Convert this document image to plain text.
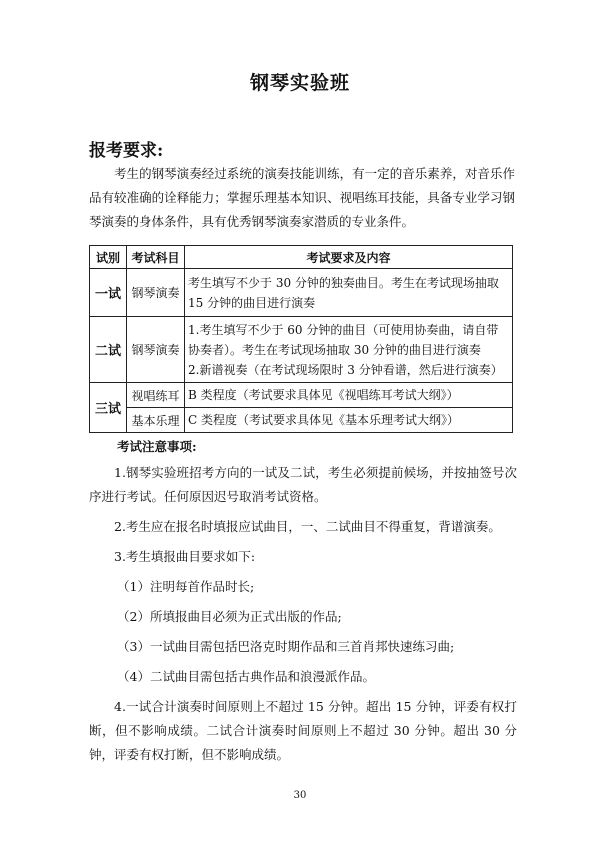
钢琴实验班
报考要求:
考生的钢琴演奏经过系统的演奏技能训练，有一定的音乐素养，对音乐作品有较准确的诠释能力；掌握乐理基本知识、视唱练耳技能，具备专业学习钢琴演奏的身体条件，具有优秀钢琴演奏家潜质的专业条件。
试别	考试科目	考试要求及内容
一试	钢琴演奏	考生填写不少于 30 分钟的独奏曲目。考生在考试现场抽取 15 分钟的曲目进行演奏
二试	钢琴演奏	1.考生填写不少于 60 分钟的曲目（可使用协奏曲，请自带协奏者）。考生在考试现场抽取 30 分钟的曲目进行演奏
2.新谱视奏（在考试现场限时 3 分钟看谱，然后进行演奏）

三试	视唱练耳	B 类程度（考试要求具体见《视唱练耳考试大纲》）
	基本乐理	C 类程度（考试要求具体见《基本乐理考试大纲》）
考试注意事项:

1.钢琴实验班招考方向的一试及二试，考生必须提前候场，并按抽签号次序进行考试。任何原因迟号取消考试资格。

2.考生应在报名时填报应试曲目，一、二试曲目不得重复，背谱演奏。

3.考生填报曲目要求如下:

（1）注明每首作品时长;

（2）所填报曲目必须为正式出版的作品;

（3）一试曲目需包括巴洛克时期作品和三首肖邦快速练习曲;

（4）二试曲目需包括古典作品和浪漫派作品。

4.一试合计演奏时间原则上不超过 15 分钟。超出 15 分钟，评委有权打断，但不影响成绩。二试合计演奏时间原则上不超过 30 分钟。超出 30 分钟，评委有权打断，但不影响成绩。

30
